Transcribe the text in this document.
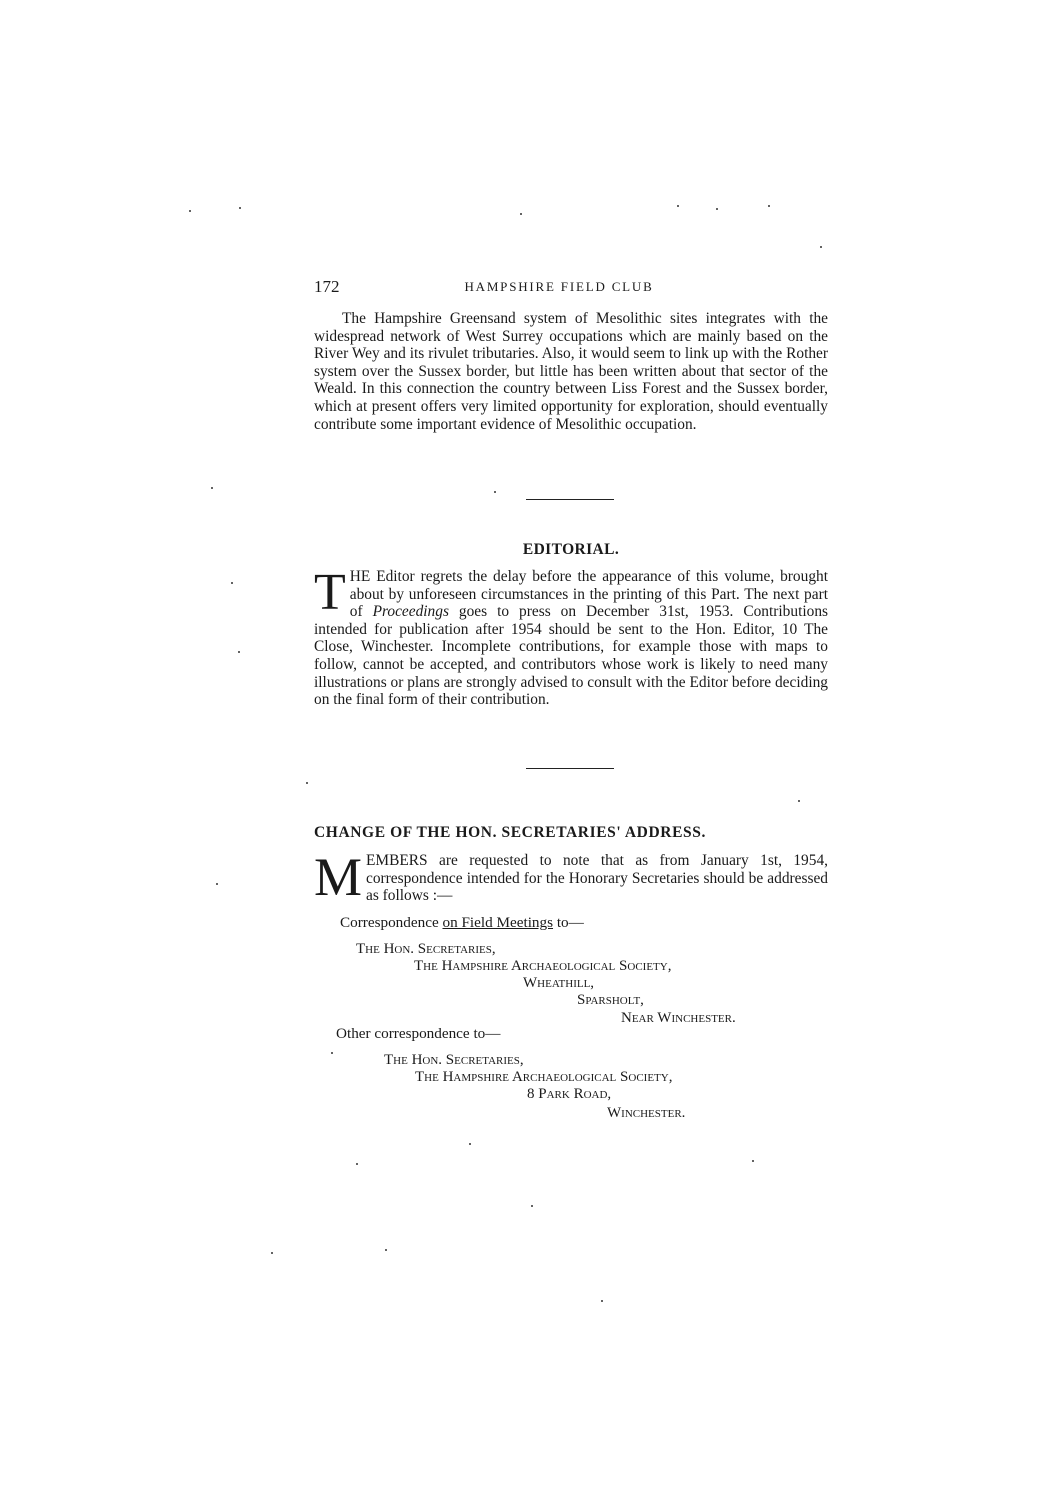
172	HAMPSHIRE FIELD CLUB

The Hampshire Greensand system of Mesolithic sites integrates with the widespread network of West Surrey occupations which are mainly based on the River Wey and its rivulet tributaries. Also, it would seem to link up with the Rother system over the Sussex border, but little has been written about that sector of the Weald. In this connection the country between Liss Forest and the Sussex border, which at present offers very limited opportunity for exploration, should eventually contribute some important evidence of Mesolithic occupation.

EDITORIAL.

THE Editor regrets the delay before the appearance of this volume, brought about by unforeseen circumstances in the printing of this Part. The next part of Proceedings goes to press on December 31st, 1953. Contributions intended for publication after 1954 should be sent to the Hon. Editor, 10 The Close, Winchester. Incomplete contributions, for example those with maps to follow, cannot be accepted, and contributors whose work is likely to need many illustrations or plans are strongly advised to consult with the Editor before deciding on the final form of their contribution.

CHANGE OF THE HON. SECRETARIES' ADDRESS.

MEMBERS are requested to note that as from January 1st, 1954, correspondence intended for the Honorary Secretaries should be addressed as follows :—

Correspondence on Field Meetings to—
The Hon. Secretaries,
The Hampshire Archaeological Society,
Wheathill,
Sparsholt,
Near Winchester.
Other correspondence to—
The Hon. Secretaries,
The Hampshire Archaeological Society,
8 Park Road,
Winchester.
